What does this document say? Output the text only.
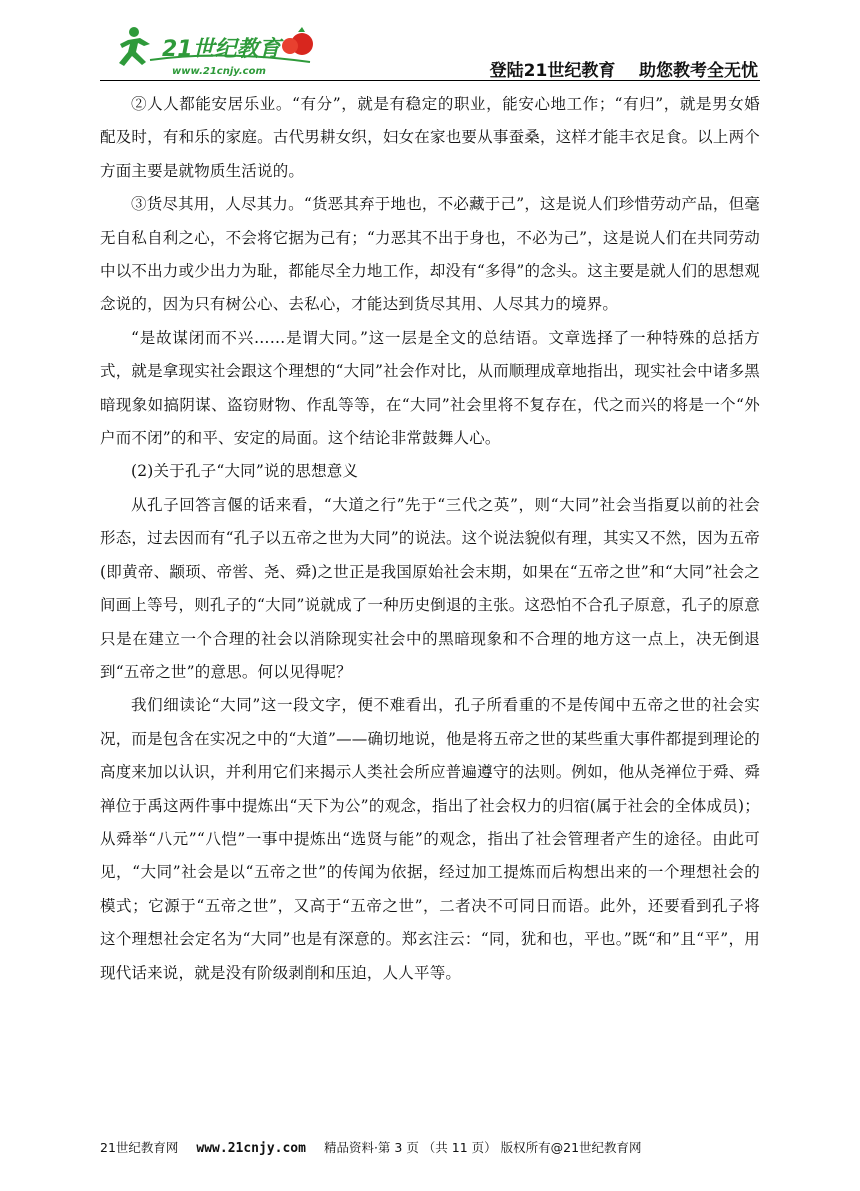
21世纪教育
www.21cnjy.com	登陆21世纪教育    助您教考全无忧

②人人都能安居乐业。“有分”，就是有稳定的职业，能安心地工作；“有归”，就是男女婚配及时，有和乐的家庭。古代男耕女织，妇女在家也要从事蚕桑，这样才能丰衣足食。以上两个方面主要是就物质生活说的。

③货尽其用，人尽其力。“货恶其弃于地也，不必藏于己”，这是说人们珍惜劳动产品，但毫无自私自利之心，不会将它据为己有；“力恶其不出于身也，不必为己”，这是说人们在共同劳动中以不出力或少出力为耻，都能尽全力地工作，却没有“多得”的念头。这主要是就人们的思想观念说的，因为只有树公心、去私心，才能达到货尽其用、人尽其力的境界。

“是故谋闭而不兴……是谓大同。”这一层是全文的总结语。文章选择了一种特殊的总括方式，就是拿现实社会跟这个理想的“大同”社会作对比，从而顺理成章地指出，现实社会中诸多黑暗现象如搞阴谋、盗窃财物、作乱等等，在“大同”社会里将不复存在，代之而兴的将是一个“外户而不闭”的和平、安定的局面。这个结论非常鼓舞人心。

(2)关于孔子“大同”说的思想意义

从孔子回答言偃的话来看，“大道之行”先于“三代之英”，则“大同”社会当指夏以前的社会形态，过去因而有“孔子以五帝之世为大同”的说法。这个说法貌似有理，其实又不然，因为五帝(即黄帝、颛顼、帝喾、尧、舜)之世正是我国原始社会末期，如果在“五帝之世”和“大同”社会之间画上等号，则孔子的“大同”说就成了一种历史倒退的主张。这恐怕不合孔子原意，孔子的原意只是在建立一个合理的社会以消除现实社会中的黑暗现象和不合理的地方这一点上，决无倒退到“五帝之世”的意思。何以见得呢？

我们细读论“大同”这一段文字，便不难看出，孔子所看重的不是传闻中五帝之世的社会实况，而是包含在实况之中的“大道”——确切地说，他是将五帝之世的某些重大事件都提到理论的高度来加以认识，并利用它们来揭示人类社会所应普遍遵守的法则。例如，他从尧禅位于舜、舜禅位于禹这两件事中提炼出“天下为公”的观念，指出了社会权力的归宿(属于社会的全体成员)；从舜举“八元”“八恺”一事中提炼出“选贤与能”的观念，指出了社会管理者产生的途径。由此可见，“大同”社会是以“五帝之世”的传闻为依据，经过加工提炼而后构想出来的一个理想社会的模式；它源于“五帝之世”，又高于“五帝之世”，二者决不可同日而语。此外，还要看到孔子将这个理想社会定名为“大同”也是有深意的。郑玄注云：“同，犹和也，平也。”既“和”且“平”，用现代话来说，就是没有阶级剥削和压迫，人人平等。

21世纪教育网 www.21cnjy.com 精品资料·第 3 页 （共 11 页） 版权所有@21世纪教育网
